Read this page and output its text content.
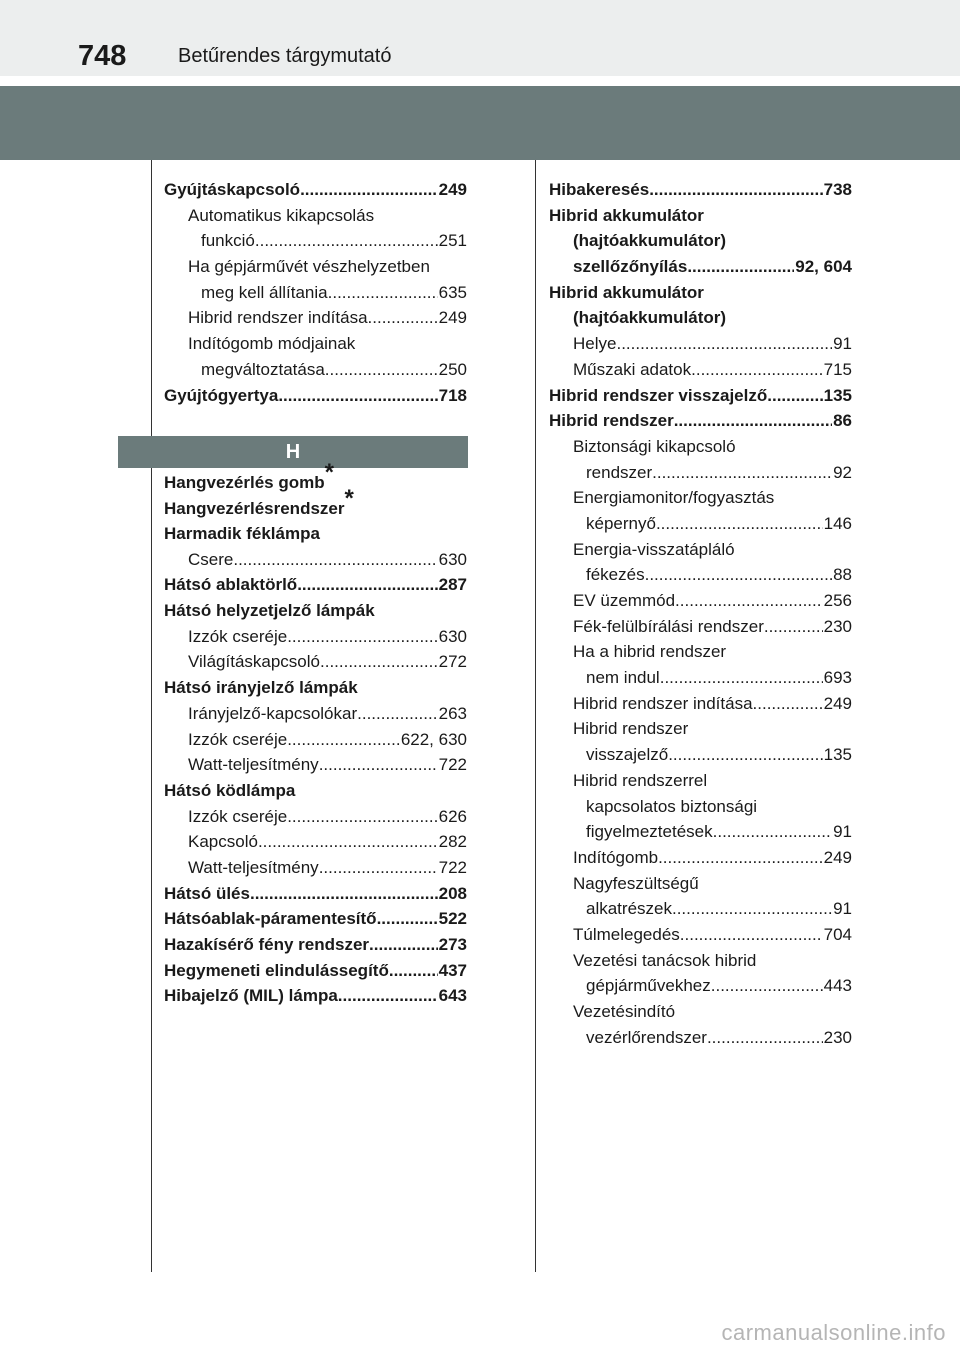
748	Betűrendes tárgymutató
Gyújtáskapcsoló .....	249
Automatikus kikapcsolás
funkció .....	251
Ha gépjárművét vészhelyzetben
meg kell állítania .....	635
Hibrid rendszer indítása .....	249
Indítógomb módjainak
megváltoztatása .....	250
Gyújtógyertya .....	718
H
Hangvezérlés gomb*
Hangvezérlésrendszer*
Harmadik féklámpa
Csere .....	630
Hátsó ablaktörlő .....	287
Hátsó helyzetjelző lámpák
Izzók cseréje .....	630
Világításkapcsoló .....	272
Hátsó irányjelző lámpák
Irányjelző-kapcsolókar .....	263
Izzók cseréje .....	622, 630
Watt-teljesítmény .....	722
Hátsó ködlámpa
Izzók cseréje .....	626
Kapcsoló .....	282
Watt-teljesítmény .....	722
Hátsó ülés .....	208
Hátsóablak-páramentesítő .....	522
Hazakísérő fény rendszer .....	273
Hegymeneti elindulássegítő .....	437
Hibajelző (MIL) lámpa .....	643
Hibakeresés .....	738
Hibrid akkumulátor
(hajtóakkumulátor)
szellőzőnyílás .....	92, 604
Hibrid akkumulátor
(hajtóakkumulátor)
Helye .....	91
Műszaki adatok .....	715
Hibrid rendszer visszajelző .....	135
Hibrid rendszer .....	86
Biztonsági kikapcsoló
rendszer .....	92
Energiamonitor/fogyasztás
képernyő .....	146
Energia-visszatápláló
fékezés .....	88
EV üzemmód .....	256
Fék-felülbírálási rendszer .....	230
Ha a hibrid rendszer
nem indul .....	693
Hibrid rendszer indítása .....	249
Hibrid rendszer
visszajelző .....	135
Hibrid rendszerrel
kapcsolatos biztonsági
figyelmeztetések .....	91
Indítógomb .....	249
Nagyfeszültségű
alkatrészek .....	91
Túlmelegedés .....	704
Vezetési tanácsok hibrid
gépjárművekhez .....	443
Vezetésindító
vezérlőrendszer .....	230
carmanualsonline.info
